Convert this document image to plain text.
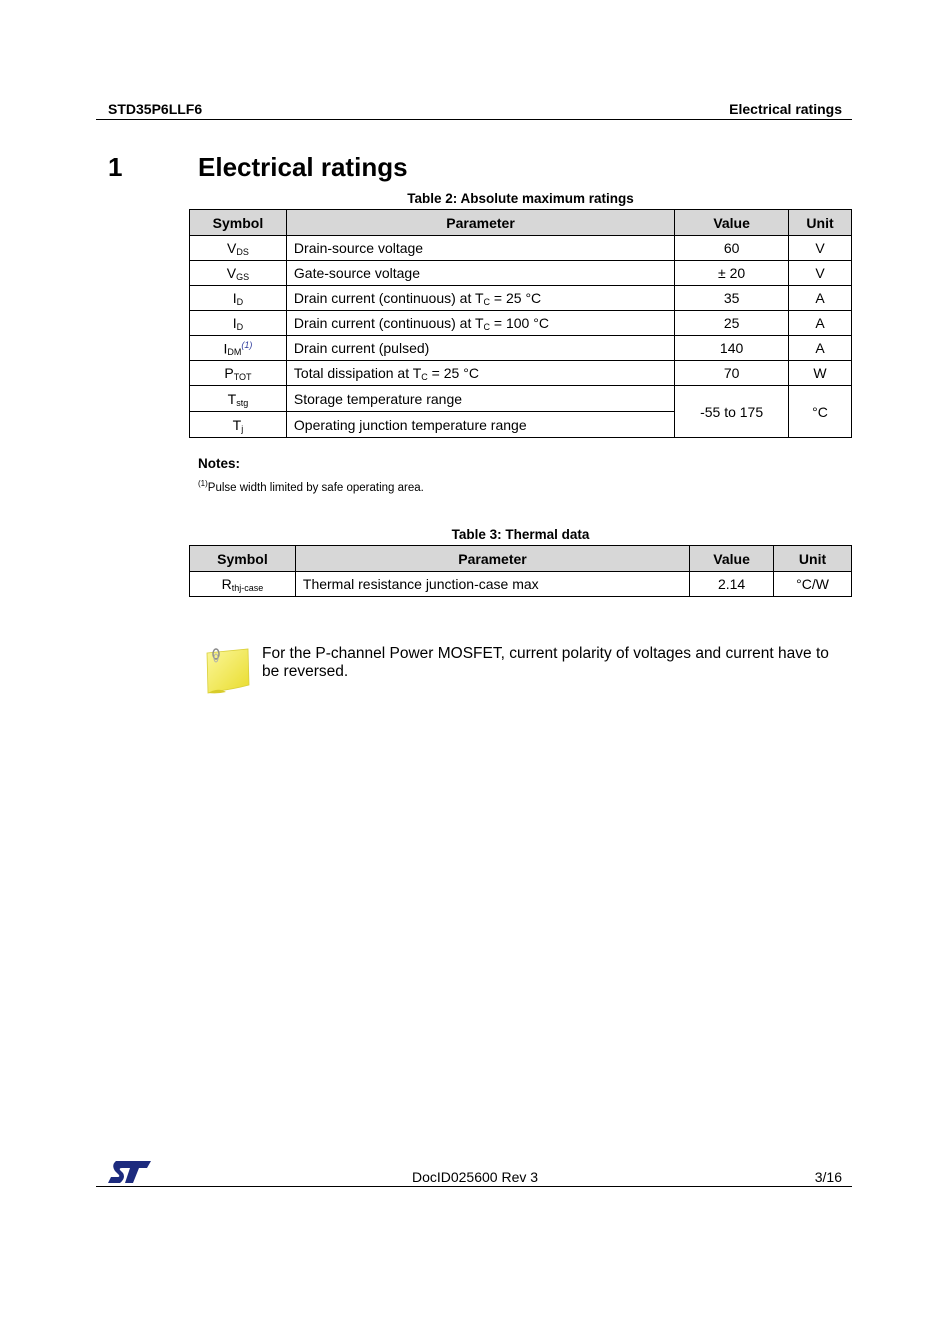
STD35P6LLF6	Electrical ratings
1	Electrical ratings
Table 2: Absolute maximum ratings
Symbol	Parameter	Value	Unit
$V_{DS}$	Drain-source voltage	60	V
$V_{GS}$	Gate-source voltage	± 20	V
$I_D$	Drain current (continuous) at $T_C = 25$ °C	35	A
$I_D$	Drain current (continuous) at $T_C = 100$ °C	25	A
$I_{DM}^{(1)}$	Drain current (pulsed)	140	A
$P_{TOT}$	Total dissipation at $T_C = 25$ °C	70	W
$T_{stg}$	Storage temperature range	-55 to 175	°C
$T_j$	Operating junction temperature range		
Notes:
$^{(1)}$Pulse width limited by safe operating area.
Table 3: Thermal data
Symbol	Parameter	Value	Unit
$R_{thj-case}$	Thermal resistance junction-case max	2.14	°C/W
For the P-channel Power MOSFET, current polarity of voltages and current have to be reversed.
DocID025600 Rev 3	3/16
